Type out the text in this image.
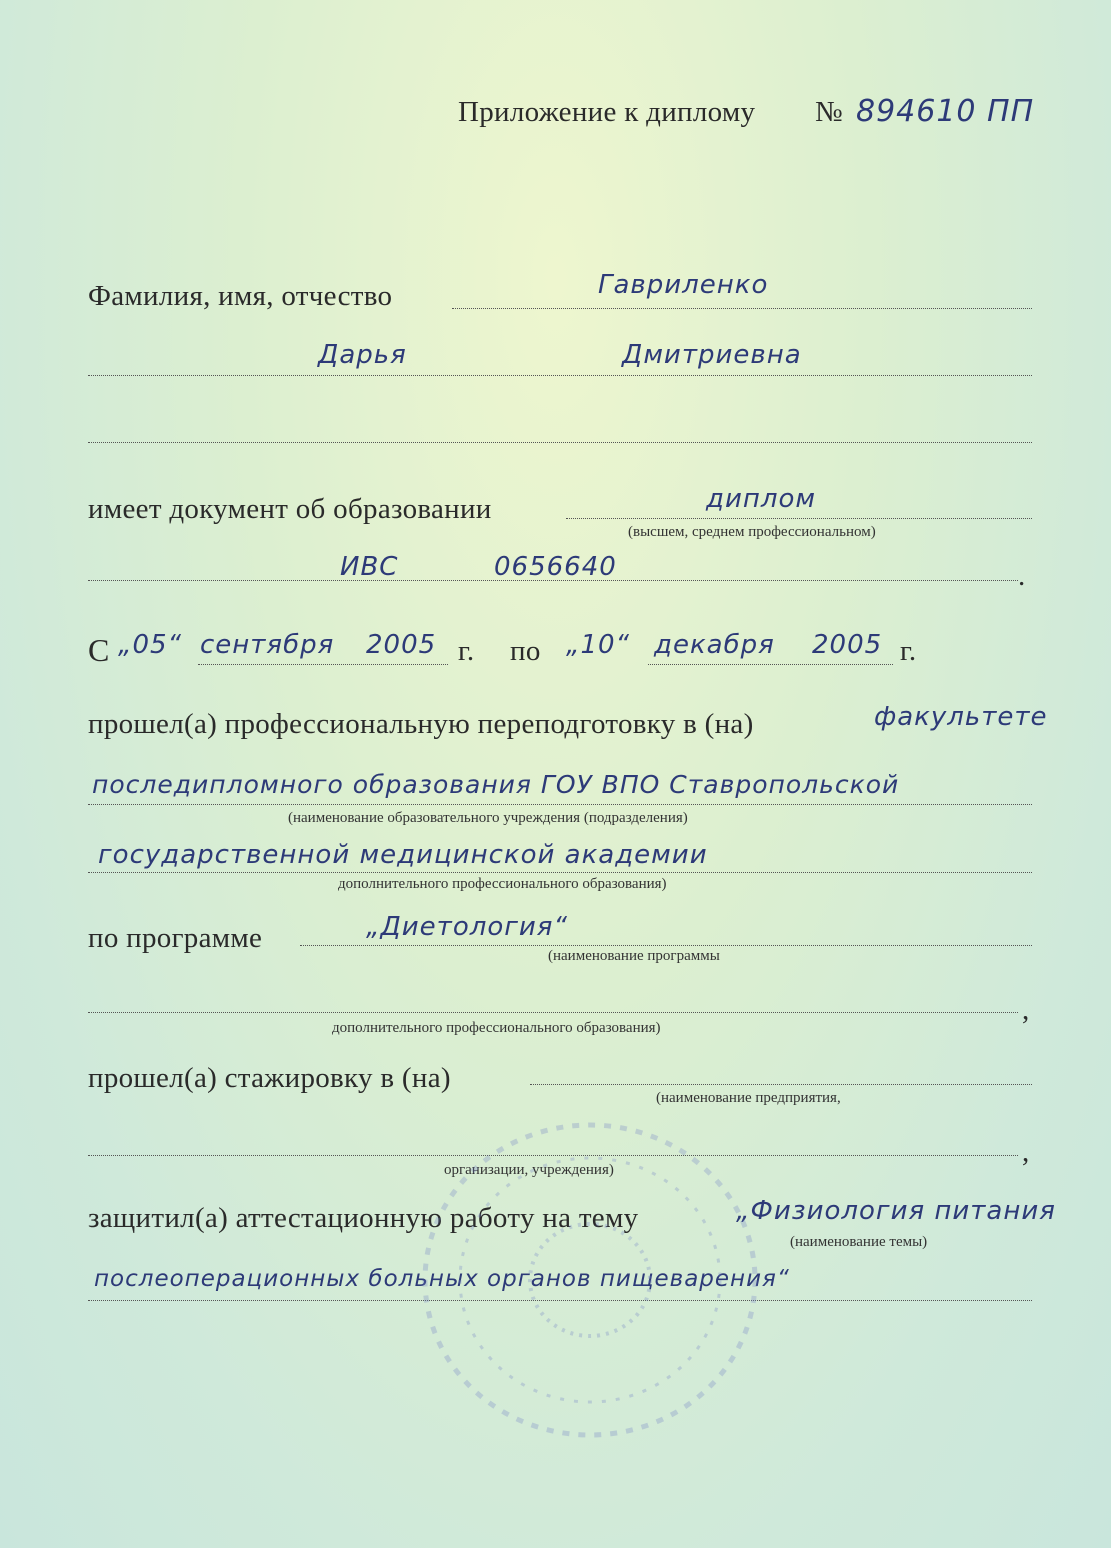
Приложение к диплому № 894610 ПП
Фамилия, имя, отчество	Гавриленко
Дарья	Дмитриевна
имеет документ об образовании	диплом
(высшем, среднем профессиональном)
ИВС	0656640	.
С „05“ сентября 2005 г. по „10“ декабря 2005 г.
прошел(а) профессиональную переподготовку в (на)	факультете
последипломного образования ГОУ ВПО Ставропольской
(наименование образовательного учреждения (подразделения)
государственной медицинской академии
дополнительного профессионального образования)
по программе	„Диетология“
(наименование программы
,
дополнительного профессионального образования)
прошел(а) стажировку в (на)
(наименование предприятия,
,
организации, учреждения)
защитил(а) аттестационную работу на тему	„Физиология питания
(наименование темы)
послеоперационных больных органов пищеварения“
